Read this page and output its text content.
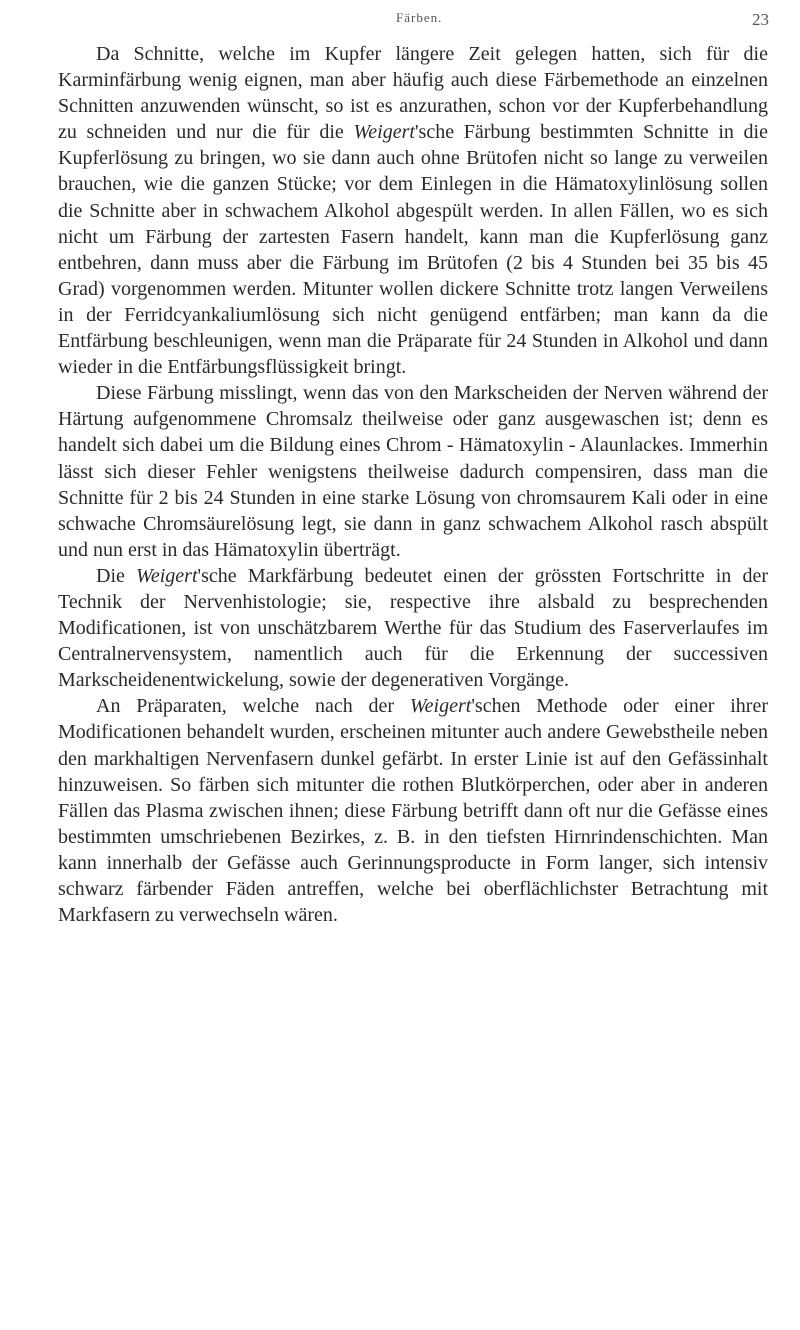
Färben.	23

Da Schnitte, welche im Kupfer längere Zeit gelegen hatten, sich für die Karminfärbung wenig eignen, man aber häufig auch diese Färbemethode an einzelnen Schnitten anzuwenden wünscht, so ist es anzurathen, schon vor der Kupferbehandlung zu schneiden und nur die für die Weigert'sche Färbung bestimmten Schnitte in die Kupferlösung zu bringen, wo sie dann auch ohne Brütofen nicht so lange zu verweilen brauchen, wie die ganzen Stücke; vor dem Einlegen in die Hämatoxylinlösung sollen die Schnitte aber in schwachem Alkohol abgespült werden. In allen Fällen, wo es sich nicht um Färbung der zartesten Fasern handelt, kann man die Kupferlösung ganz entbehren, dann muss aber die Färbung im Brütofen (2 bis 4 Stunden bei 35 bis 45 Grad) vorgenommen werden. Mitunter wollen dickere Schnitte trotz langen Verweilens in der Ferridcyankaliumlösung sich nicht genügend entfärben; man kann da die Entfärbung beschleunigen, wenn man die Präparate für 24 Stunden in Alkohol und dann wieder in die Entfärbungsflüssigkeit bringt.

Diese Färbung misslingt, wenn das von den Markscheiden der Nerven während der Härtung aufgenommene Chromsalz theilweise oder ganz ausgewaschen ist; denn es handelt sich dabei um die Bildung eines Chrom - Hämatoxylin - Alaunlackes. Immerhin lässt sich dieser Fehler wenigstens theilweise dadurch compensiren, dass man die Schnitte für 2 bis 24 Stunden in eine starke Lösung von chromsaurem Kali oder in eine schwache Chromsäurelösung legt, sie dann in ganz schwachem Alkohol rasch abspült und nun erst in das Hämatoxylin überträgt.

Die Weigert'sche Markfärbung bedeutet einen der grössten Fortschritte in der Technik der Nervenhistologie; sie, respective ihre alsbald zu besprechenden Modificationen, ist von unschätzbarem Werthe für das Studium des Faserverlaufes im Centralnervensystem, namentlich auch für die Erkennung der successiven Markscheidenentwickelung, sowie der degenerativen Vorgänge.

An Präparaten, welche nach der Weigert'schen Methode oder einer ihrer Modificationen behandelt wurden, erscheinen mitunter auch andere Gewebstheile neben den markhaltigen Nervenfasern dunkel gefärbt. In erster Linie ist auf den Gefässinhalt hinzuweisen. So färben sich mitunter die rothen Blutkörperchen, oder aber in anderen Fällen das Plasma zwischen ihnen; diese Färbung betrifft dann oft nur die Gefässe eines bestimmten umschriebenen Bezirkes, z. B. in den tiefsten Hirnrindenschichten. Man kann innerhalb der Gefässe auch Gerinnungsproducte in Form langer, sich intensiv schwarz färbender Fäden antreffen, welche bei oberflächlichster Betrachtung mit Markfasern zu verwechseln wären.
